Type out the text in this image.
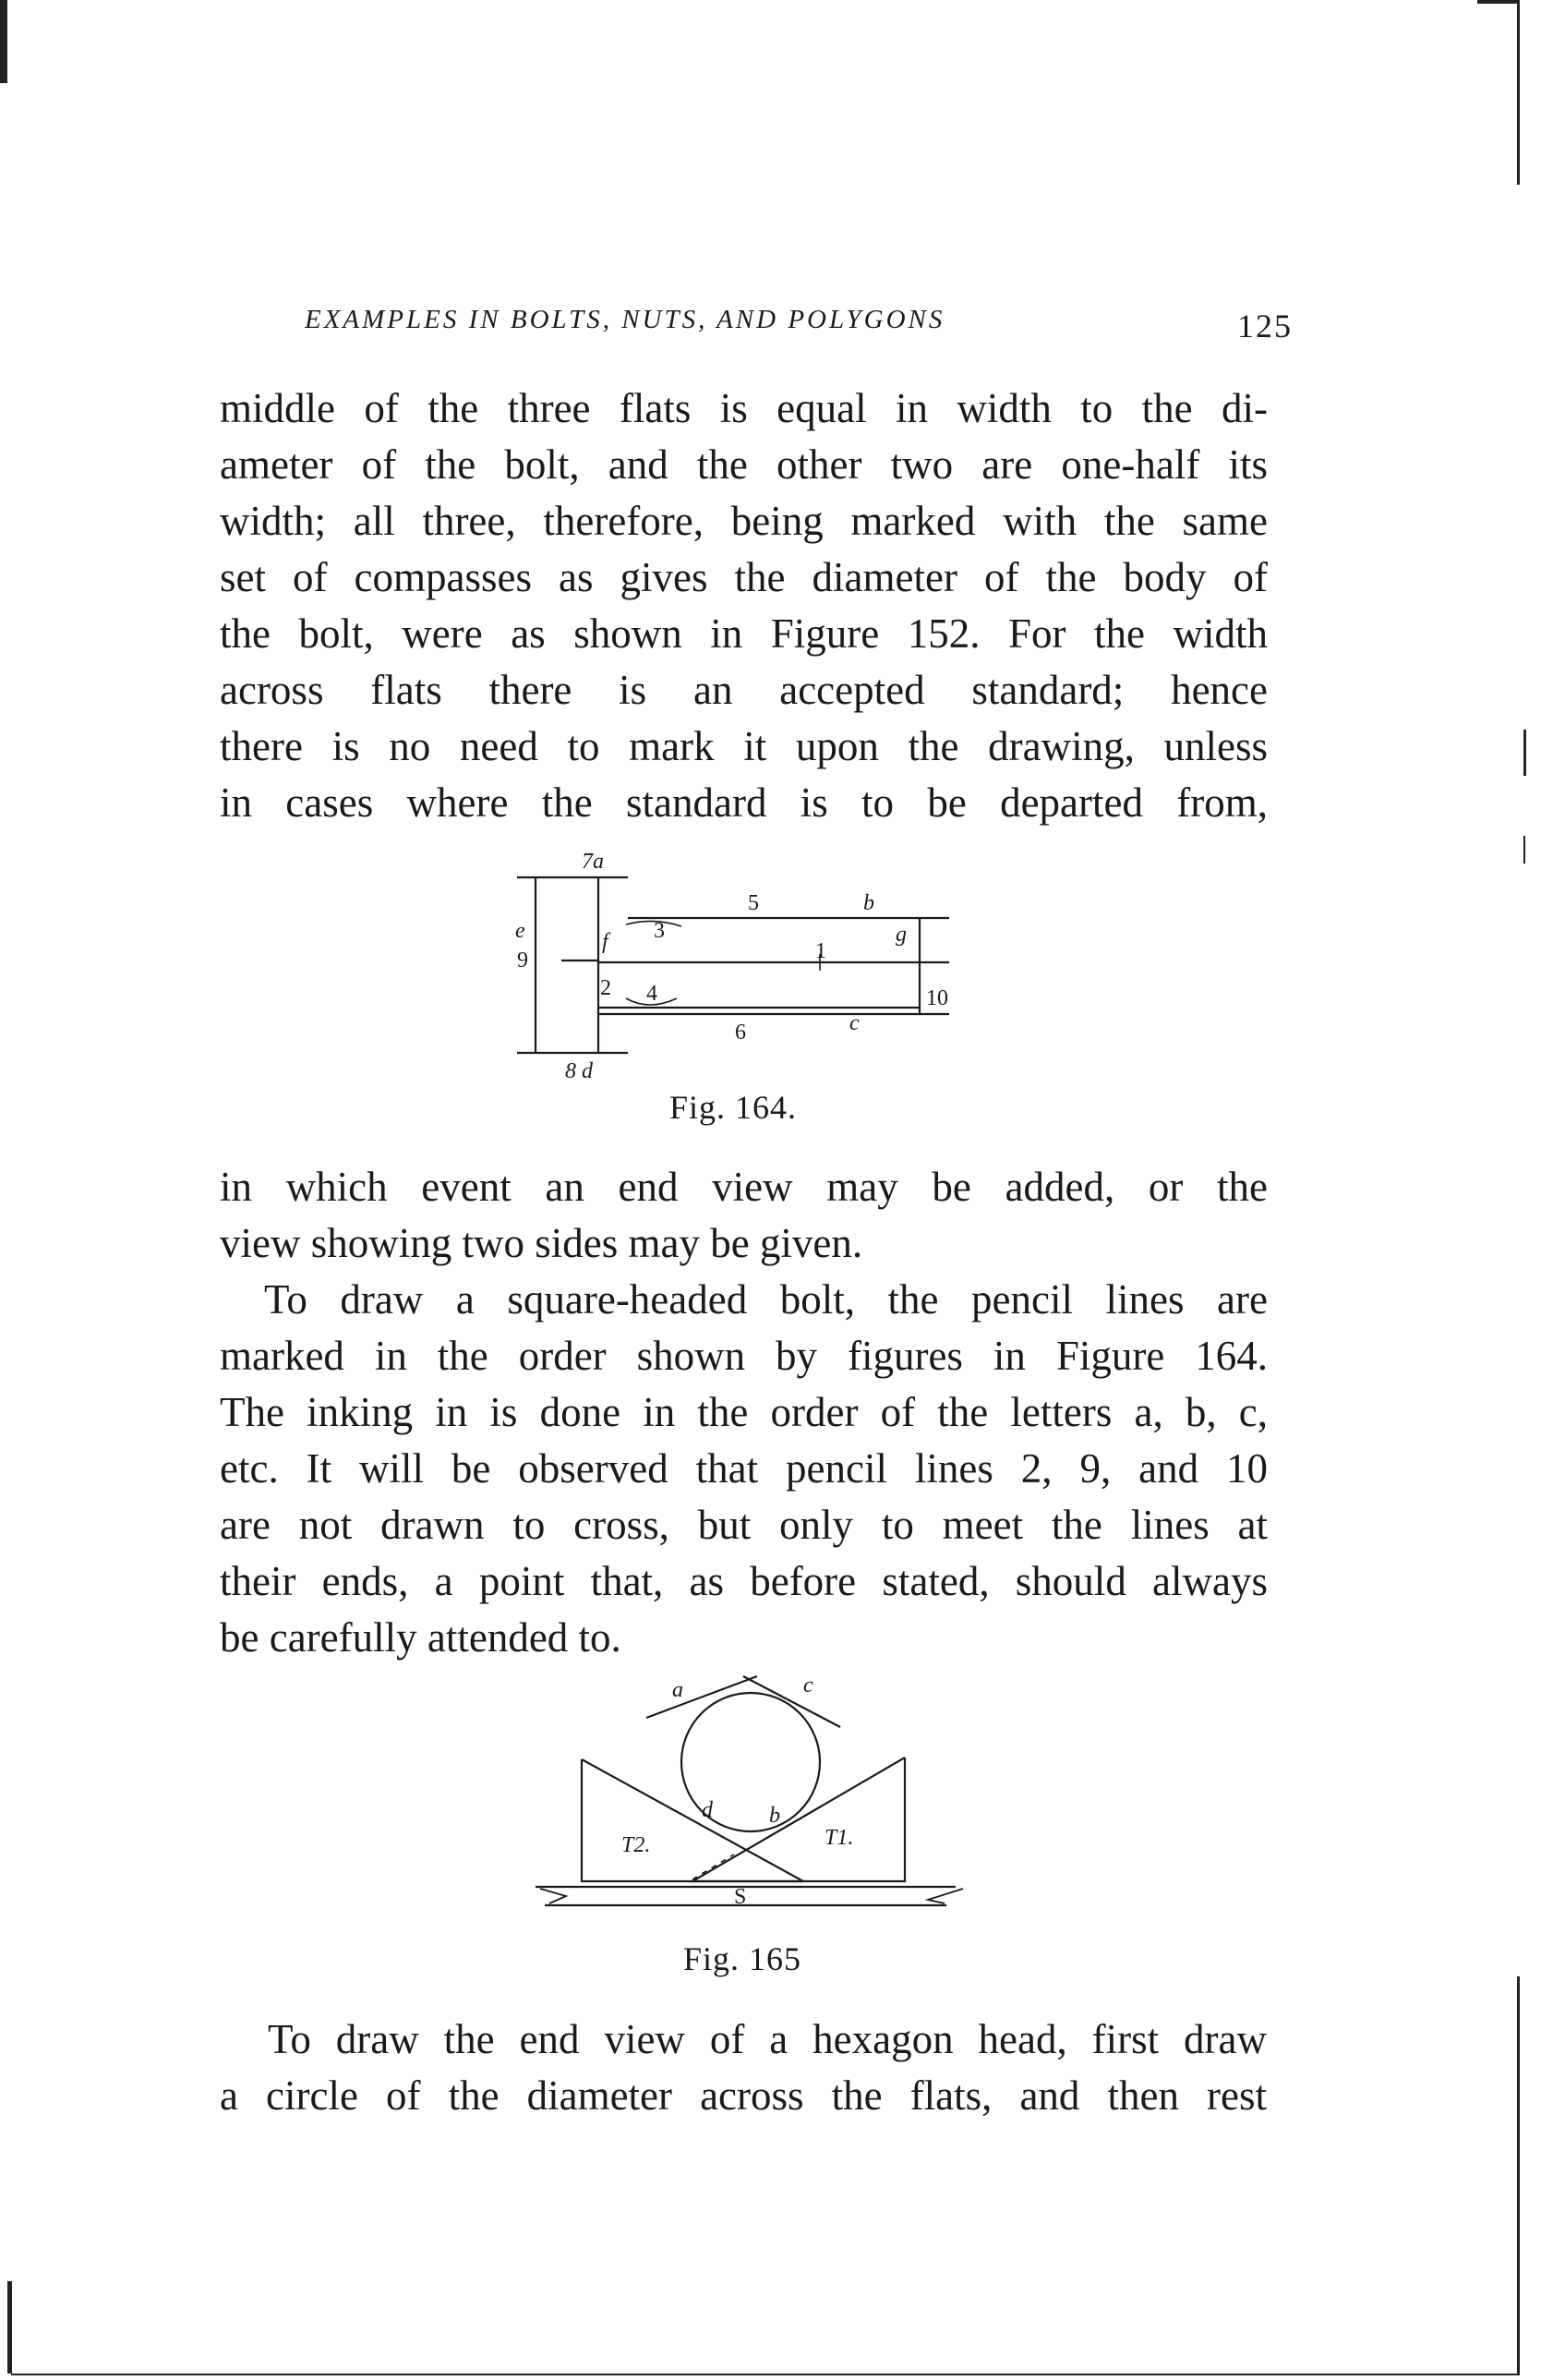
EXAMPLES IN BOLTS, NUTS, AND POLYGONS	125
middle of the three flats is equal in width to the di-
ameter of the bolt, and the other two are one-half its
width; all three, therefore, being marked with the same
set of compasses as gives the diameter of the body of
the bolt, were as shown in Figure 152. For the width
across flats there is an accepted standard; hence
there is no need to mark it upon the drawing, unless
in cases where the standard is to be departed from,
7a
5	b
e
9
f 3	g
1
2 4	10
6	c
8 d
Fig. 164.
in which event an end view may be added, or the
view showing two sides may be given.
To draw a square-headed bolt, the pencil lines are
marked in the order shown by figures in Figure 164.
The inking in is done in the order of the letters a, b, c,
etc. It will be observed that pencil lines 2, 9, and 10
are not drawn to cross, but only to meet the lines at
their ends, a point that, as before stated, should always
be carefully attended to.
a	c
d	b
T2.	T1.
S
Fig. 165
To draw the end view of a hexagon head, first draw
a circle of the diameter across the flats, and then rest
